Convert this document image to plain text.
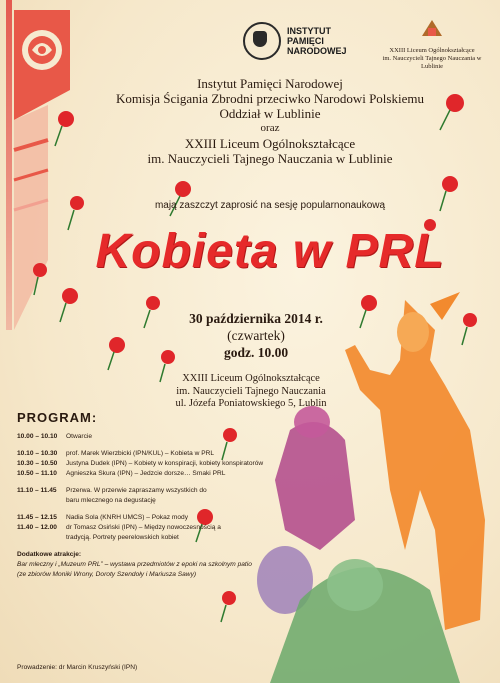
INSTYTUT
PAMIĘCI
NARODOWEJ	XXIII Liceum Ogólnokształcące
im. Nauczycieli Tajnego Nauczania w Lublinie
Instytut Pamięci Narodowej
Komisja Ścigania Zbrodni przeciwko Narodowi Polskiemu
Oddział w Lublinie
oraz
XXIII Liceum Ogólnokształcące
im. Nauczycieli Tajnego Nauczania w Lublinie
mają zaszczyt zaprosić na sesję popularnonaukową
Kobieta w PRL
30 października 2014 r.
(czwartek)
godz. 10.00
XXIII Liceum Ogólnokształcące
im. Nauczycieli Tajnego Nauczania
ul. Józefa Poniatowskiego 5, Lublin
PROGRAM:
10.00 – 10.10	Otwarcie
10.10 – 10.30	prof. Marek Wierzbicki (IPN/KUL) – Kobieta w PRL
10.30 – 10.50	Justyna Dudek (IPN) – Kobiety w konspiracji, kobiety konspiratorów
10.50 – 11.10	Agnieszka Skura (IPN) – Jedzcie dorsze… Smaki PRL
11.10 – 11.45	Przerwa. W przerwie zapraszamy wszystkich do baru mlecznego na degustację
11.45 – 12.15	Nadia Sola (KNRH UMCS) – Pokaz mody
11.40 – 12.00	dr Tomasz Osiński (IPN) – Między nowoczesnością a tradycją. Portrety peerelowskich kobiet
Dodatkowe atrakcje:
Bar mleczny i „Muzeum PRL” – wystawa przedmiotów z epoki na szkolnym patio
(ze zbiorów Moniki Wrony, Doroty Szendoły i Mariusza Sawy)
Prowadzenie: dr Marcin Kruszyński (IPN)
